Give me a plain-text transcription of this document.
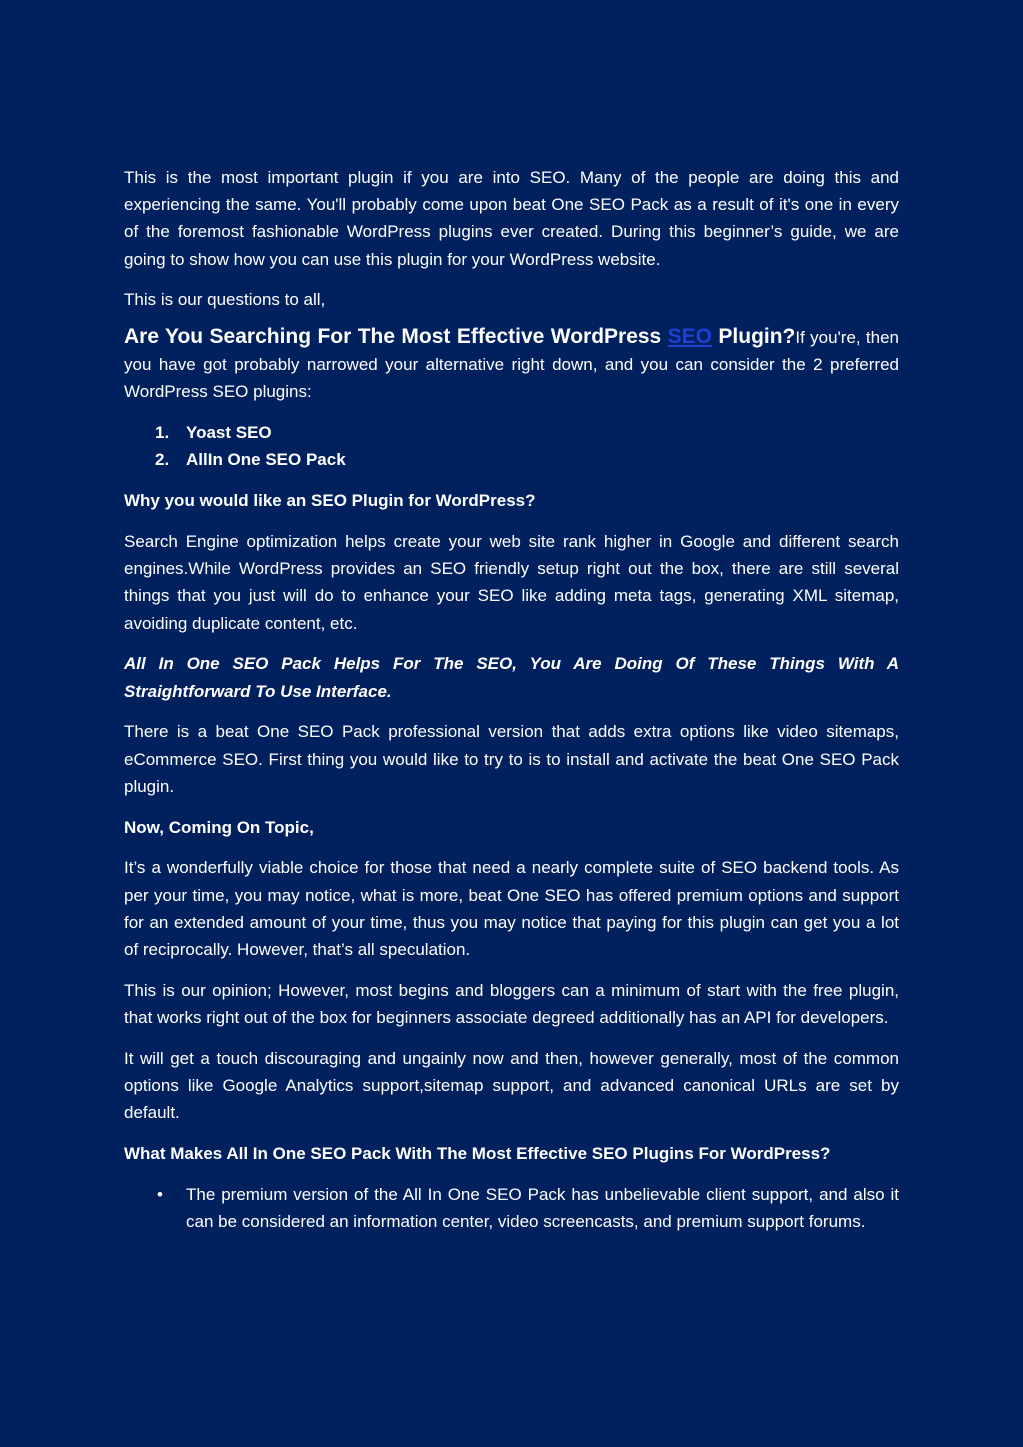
This is the most important plugin if you are into SEO. Many of the people are doing this and experiencing the same. You'll probably come upon beat One SEO Pack as a result of it's one in every of the foremost fashionable WordPress plugins ever created. During this beginner’s guide, we are going to show how you can use this plugin for your WordPress website.

This is our questions to all,

Are You Searching For The Most Effective WordPress SEO Plugin?If you're, then you have got probably narrowed your alternative right down, and you can consider the 2 preferred WordPress SEO plugins:

1. Yoast SEO
2. AllIn One SEO Pack

Why you would like an SEO Plugin for WordPress?

Search Engine optimization helps create your web site rank higher in Google and different search engines.While WordPress provides an SEO friendly setup right out the box, there are still several things that you just will do to enhance your SEO like adding meta tags, generating XML sitemap, avoiding duplicate content, etc.

All In One SEO Pack Helps For The SEO, You Are Doing Of These Things With A Straightforward To Use Interface.

There is a beat One SEO Pack professional version that adds extra options like video sitemaps, eCommerce SEO. First thing you would like to try to is to install and activate the beat One SEO Pack plugin.

Now, Coming On Topic,

It’s a wonderfully viable choice for those that need a nearly complete suite of SEO backend tools. As per your time, you may notice, what is more, beat One SEO has offered premium options and support for an extended amount of your time, thus you may notice that paying for this plugin can get you a lot of reciprocally. However, that’s all speculation.

This is our opinion; However, most begins and bloggers can a minimum of start with the free plugin, that works right out of the box for beginners associate degreed additionally has an API for developers.

It will get a touch discouraging and ungainly now and then, however generally, most of the common options like Google Analytics support,sitemap support, and advanced canonical URLs are set by default.

What Makes All In One SEO Pack With The Most Effective SEO Plugins For WordPress?

• The premium version of the All In One SEO Pack has unbelievable client support, and also it can be considered an information center, video screencasts, and premium support forums.
